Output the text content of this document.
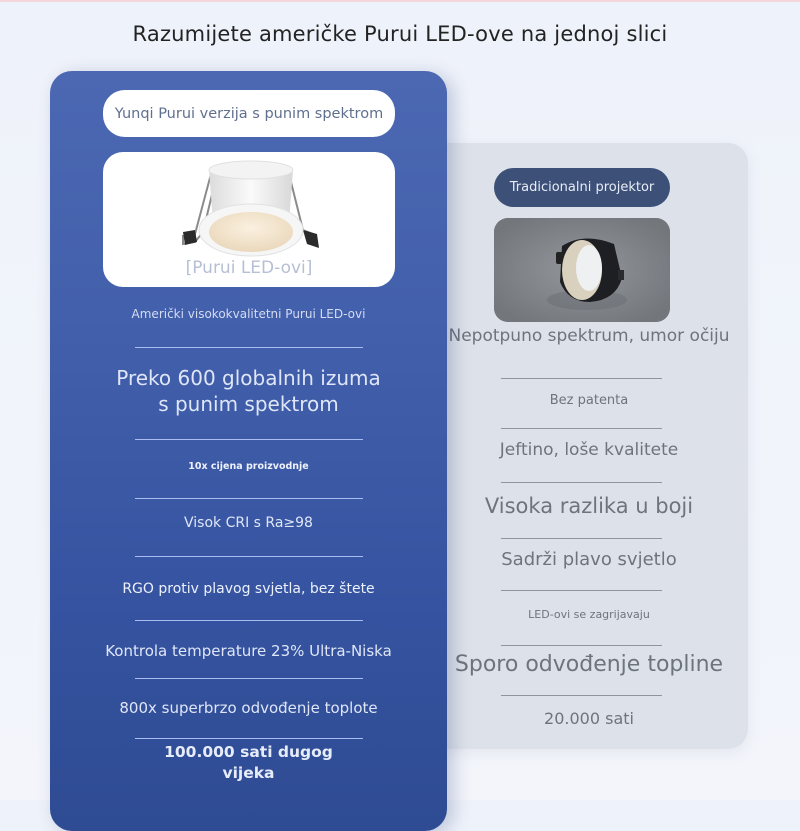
Razumijete američke Purui LED-ove na jednoj slici
Tradicionalni projektor
Nepotpuno spektrum, umor očiju
Bez patenta
Jeftino, loše kvalitete
Visoka razlika u boji
Sadrži plavo svjetlo
LED-ovi se zagrijavaju
Sporo odvođenje topline
20.000 sati
Yunqi Purui verzija s punim spektrom
[Purui LED-ovi]
Američki visokokvalitetni Purui LED-ovi
Preko 600 globalnih izuma s punim spektrom
10x cijena proizvodnje
Visok CRI s Ra≥98
RGO protiv plavog svjetla, bez štete
Kontrola temperature 23% Ultra-Niska
800x superbrzo odvođenje toplote
100.000 sati dugog vijeka
